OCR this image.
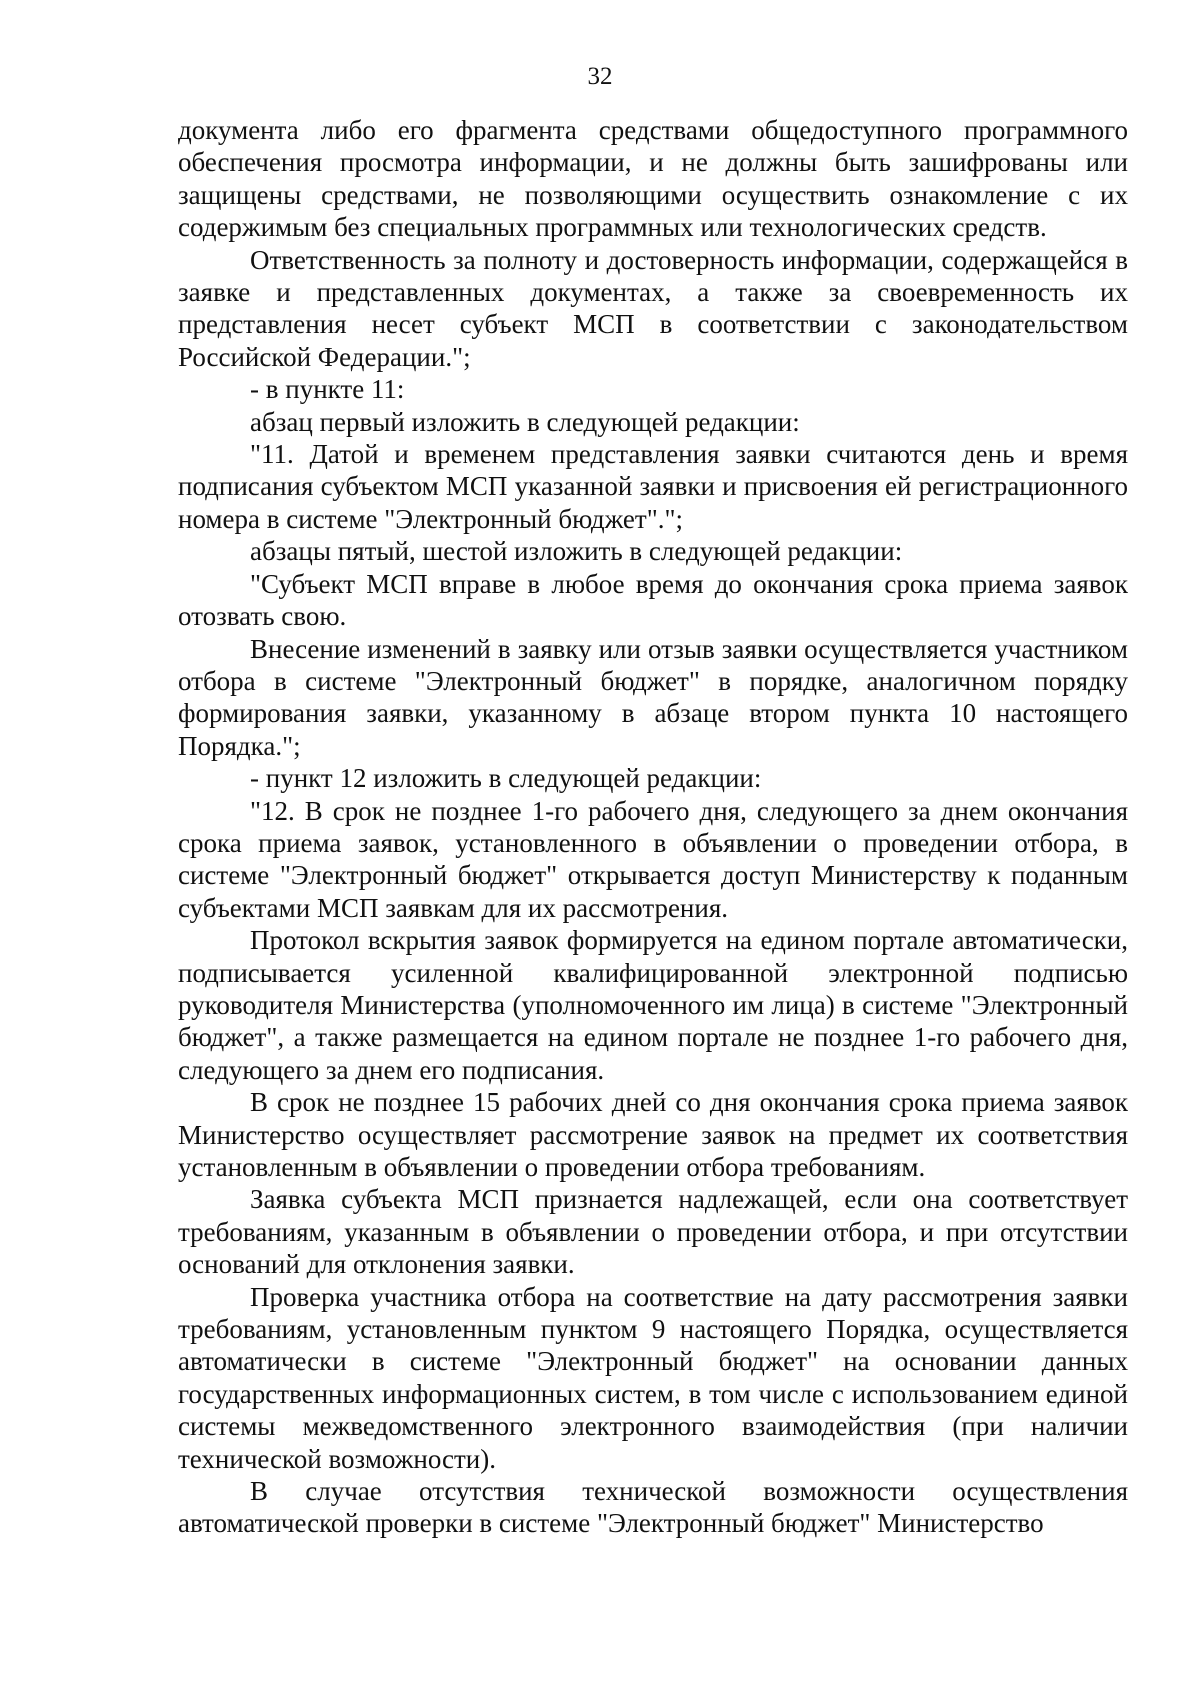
32

документа либо его фрагмента средствами общедоступного программного обеспечения просмотра информации, и не должны быть зашифрованы или защищены средствами, не позволяющими осуществить ознакомление с их содержимым без специальных программных или технологических средств.

Ответственность за полноту и достоверность информации, содержащейся в заявке и представленных документах, а также за своевременность их представления несет субъект МСП в соответствии с законодательством Российской Федерации.";

- в пункте 11:

абзац первый изложить в следующей редакции:

"11. Датой и временем представления заявки считаются день и время подписания субъектом МСП указанной заявки и присвоения ей регистрационного номера в системе "Электронный бюджет".";

абзацы пятый, шестой изложить в следующей редакции:

"Субъект МСП вправе в любое время до окончания срока приема заявок отозвать свою.

Внесение изменений в заявку или отзыв заявки осуществляется участником отбора в системе "Электронный бюджет" в порядке, аналогичном порядку формирования заявки, указанному в абзаце втором пункта 10 настоящего Порядка.";

- пункт 12 изложить в следующей редакции:

"12. В срок не позднее 1-го рабочего дня, следующего за днем окончания срока приема заявок, установленного в объявлении о проведении отбора, в системе "Электронный бюджет" открывается доступ Министерству к поданным субъектами МСП заявкам для их рассмотрения.

Протокол вскрытия заявок формируется на едином портале автоматически, подписывается усиленной квалифицированной электронной подписью руководителя Министерства (уполномоченного им лица) в системе "Электронный бюджет", а также размещается на едином портале не позднее 1-го рабочего дня, следующего за днем его подписания.

В срок не позднее 15 рабочих дней со дня окончания срока приема заявок Министерство осуществляет рассмотрение заявок на предмет их соответствия установленным в объявлении о проведении отбора требованиям.

Заявка субъекта МСП признается надлежащей, если она соответствует требованиям, указанным в объявлении о проведении отбора, и при отсутствии оснований для отклонения заявки.

Проверка участника отбора на соответствие на дату рассмотрения заявки требованиям, установленным пунктом 9 настоящего Порядка, осуществляется автоматически в системе "Электронный бюджет" на основании данных государственных информационных систем, в том числе с использованием единой системы межведомственного электронного взаимодействия (при наличии технической возможности).

В случае отсутствия технической возможности осуществления автоматической проверки в системе "Электронный бюджет" Министерство
